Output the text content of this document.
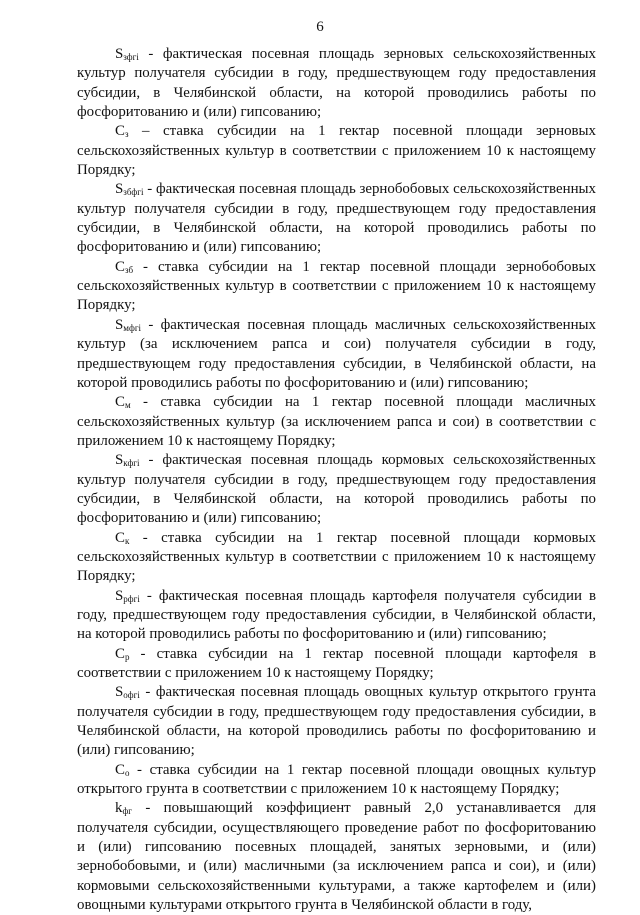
6

$S_{зфгi}$ - фактическая посевная площадь зерновых сельскохозяйственных культур получателя субсидии в году, предшествующем году предоставления субсидии, в Челябинской области, на которой проводились работы по фосфоритованию и (или) гипсованию;

$С_з$ – ставка субсидии на 1 гектар посевной площади зерновых сельскохозяйственных культур в соответствии с приложением 10 к настоящему Порядку;

$S_{збфгi}$ - фактическая посевная площадь зернобобовых сельскохозяйственных культур получателя субсидии в году, предшествующем году предоставления субсидии, в Челябинской области, на которой проводились работы по фосфоритованию и (или) гипсованию;

$С_{зб}$ - ставка субсидии на 1 гектар посевной площади зернобобовых сельскохозяйственных культур в соответствии с приложением 10 к настоящему Порядку;

$S_{мфгi}$ - фактическая посевная площадь масличных сельскохозяйственных культур (за исключением рапса и сои) получателя субсидии в году, предшествующем году предоставления субсидии, в Челябинской области, на которой проводились работы по фосфоритованию и (или) гипсованию;

$С_м$ - ставка субсидии на 1 гектар посевной площади масличных сельскохозяйственных культур (за исключением рапса и сои) в соответствии с приложением 10 к настоящему Порядку;

$S_{кфгi}$ - фактическая посевная площадь кормовых сельскохозяйственных культур получателя субсидии в году, предшествующем году предоставления субсидии, в Челябинской области, на которой проводились работы по фосфоритованию и (или) гипсованию;

$С_к$ - ставка субсидии на 1 гектар посевной площади кормовых сельскохозяйственных культур в соответствии с приложением 10 к настоящему Порядку;

$S_{рфгi}$ - фактическая посевная площадь картофеля получателя субсидии в году, предшествующем году предоставления субсидии, в Челябинской области, на которой проводились работы по фосфоритованию и (или) гипсованию;

$С_р$ - ставка субсидии на 1 гектар посевной площади картофеля в соответствии с приложением 10 к настоящему Порядку;

$S_{офгi}$ - фактическая посевная площадь овощных культур открытого грунта получателя субсидии в году, предшествующем году предоставления субсидии, в Челябинской области, на которой проводились работы по фосфоритованию и (или) гипсованию;

$С_о$ - ставка субсидии на 1 гектар посевной площади овощных культур открытого грунта в соответствии с приложением 10 к настоящему Порядку;

$k_{фг}$ - повышающий коэффициент равный 2,0 устанавливается для получателя субсидии, осуществляющего проведение работ по фосфоритованию и (или) гипсованию посевных площадей, занятых зерновыми, и (или) зернобобовыми, и (или) масличными (за исключением рапса и сои), и (или) кормовыми сельскохозяйственными культурами, а также картофелем и (или) овощными культурами открытого грунта в Челябинской области в году,
